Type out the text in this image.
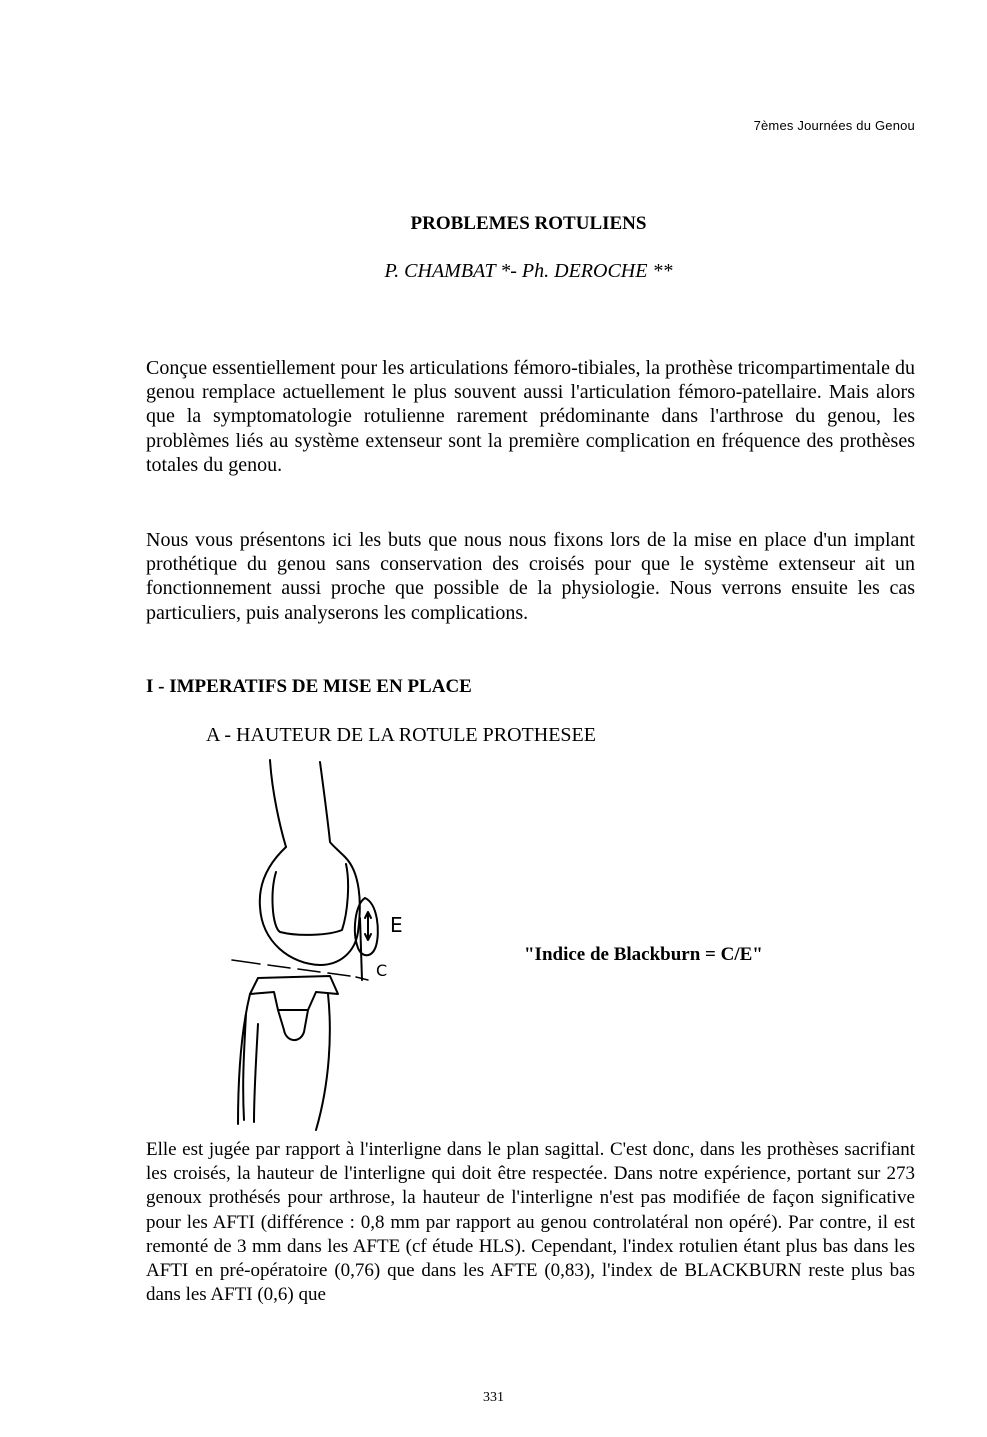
7èmes Journées du Genou
PROBLEMES ROTULIENS
P. CHAMBAT *- Ph. DEROCHE **
Conçue essentiellement pour les articulations fémoro-tibiales, la prothèse tricompartimentale du genou remplace actuellement le plus souvent aussi l'articulation fémoro-patellaire. Mais alors que la symptomatologie rotulienne rarement prédominante dans l'arthrose du genou, les problèmes liés au système extenseur sont la première complication en fréquence des prothèses totales du genou.
Nous vous présentons ici les buts que nous nous fixons lors de la mise en place d'un implant prothétique du genou sans conservation des croisés pour que le système extenseur ait un fonctionnement aussi proche que possible de la physiologie. Nous verrons ensuite les cas particuliers, puis analyserons les complications.
I - IMPERATIFS DE MISE EN PLACE
A - HAUTEUR DE LA ROTULE PROTHESEE
E
C
"Indice de Blackburn = C/E"
Elle est jugée par rapport à l'interligne dans le plan sagittal. C'est donc, dans les prothèses sacrifiant les croisés, la hauteur de l'interligne qui doit être respectée. Dans notre expérience, portant sur 273 genoux prothésés pour arthrose, la hauteur de l'interligne n'est pas modifiée de façon significative pour les AFTI (différence : 0,8 mm par rapport au genou controlatéral non opéré). Par contre, il est remonté de 3 mm dans les AFTE (cf étude HLS). Cependant, l'index rotulien étant plus bas dans les AFTI en pré-opératoire (0,76) que dans les AFTE (0,83), l'index de BLACKBURN reste plus bas dans les AFTI (0,6) que
331
